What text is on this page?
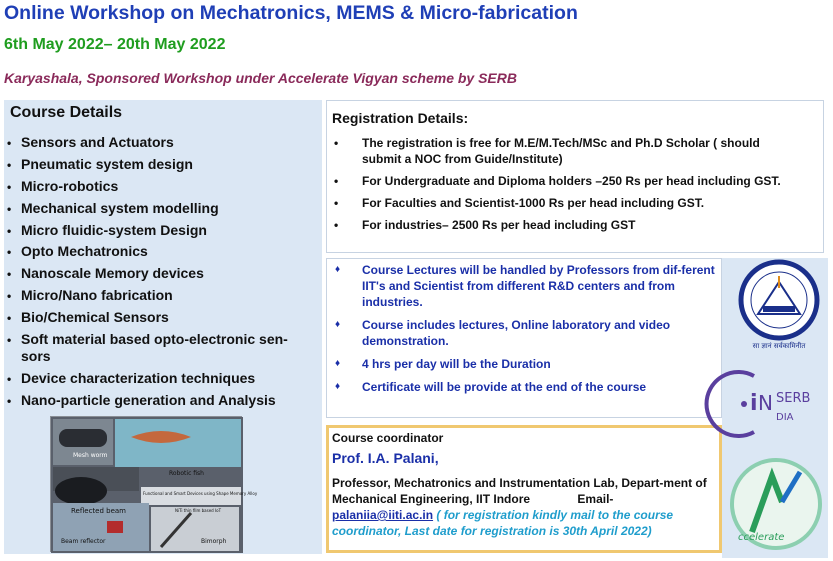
Online Workshop on Mechatronics, MEMS & Micro-fabrication
6th May 2022– 20th May 2022
Karyashala, Sponsored Workshop under Accelerate Vigyan scheme by SERB
Course Details
• Sensors and Actuators
• Pneumatic system design
• Micro-robotics
• Mechanical system modelling
• Micro fluidic-system Design
• Opto Mechatronics
• Nanoscale Memory devices
• Micro/Nano fabrication
• Bio/Chemical Sensors
• Soft material based opto-electronic sen-sors
• Device characterization techniques
• Nano-particle generation and Analysis
Mesh worm
Robotic fish
Functional and Smart Devices using Shape Memory Alloy
Reflected beam
Beam reflector	Bimorph
NiTi thin film based IoT
Registration Details:
• The registration is free for M.E/M.Tech/MSc and Ph.D Scholar ( should submit a NOC from Guide/Institute)
• For Undergraduate and Diploma holders –250 Rs per head including GST.
• For Faculties and Scientist-1000 Rs per head including GST.
• For industries– 2500 Rs per head including GST
♦ Course Lectures will be handled by Professors from dif-ferent IIT's and Scientist from different R&D centers and from industries.
♦ Course includes lectures, Online laboratory and video demonstration.
♦ 4 hrs per day will be the Duration
♦ Certificate will be provide at the end of the course
Course coordinator
Prof. I.A. Palani,
Professor, Mechatronics and Instrumentation Lab, Depart-ment of Mechanical Engineering, IIT Indore	Email- palaniia@iiti.ac.in ( for registration kindly mail to the course coordinator, Last date for registration is 30th April 2022)
सा ज्ञानं सर्वकामिनीत
i N SERB
DIA
ccelerate
